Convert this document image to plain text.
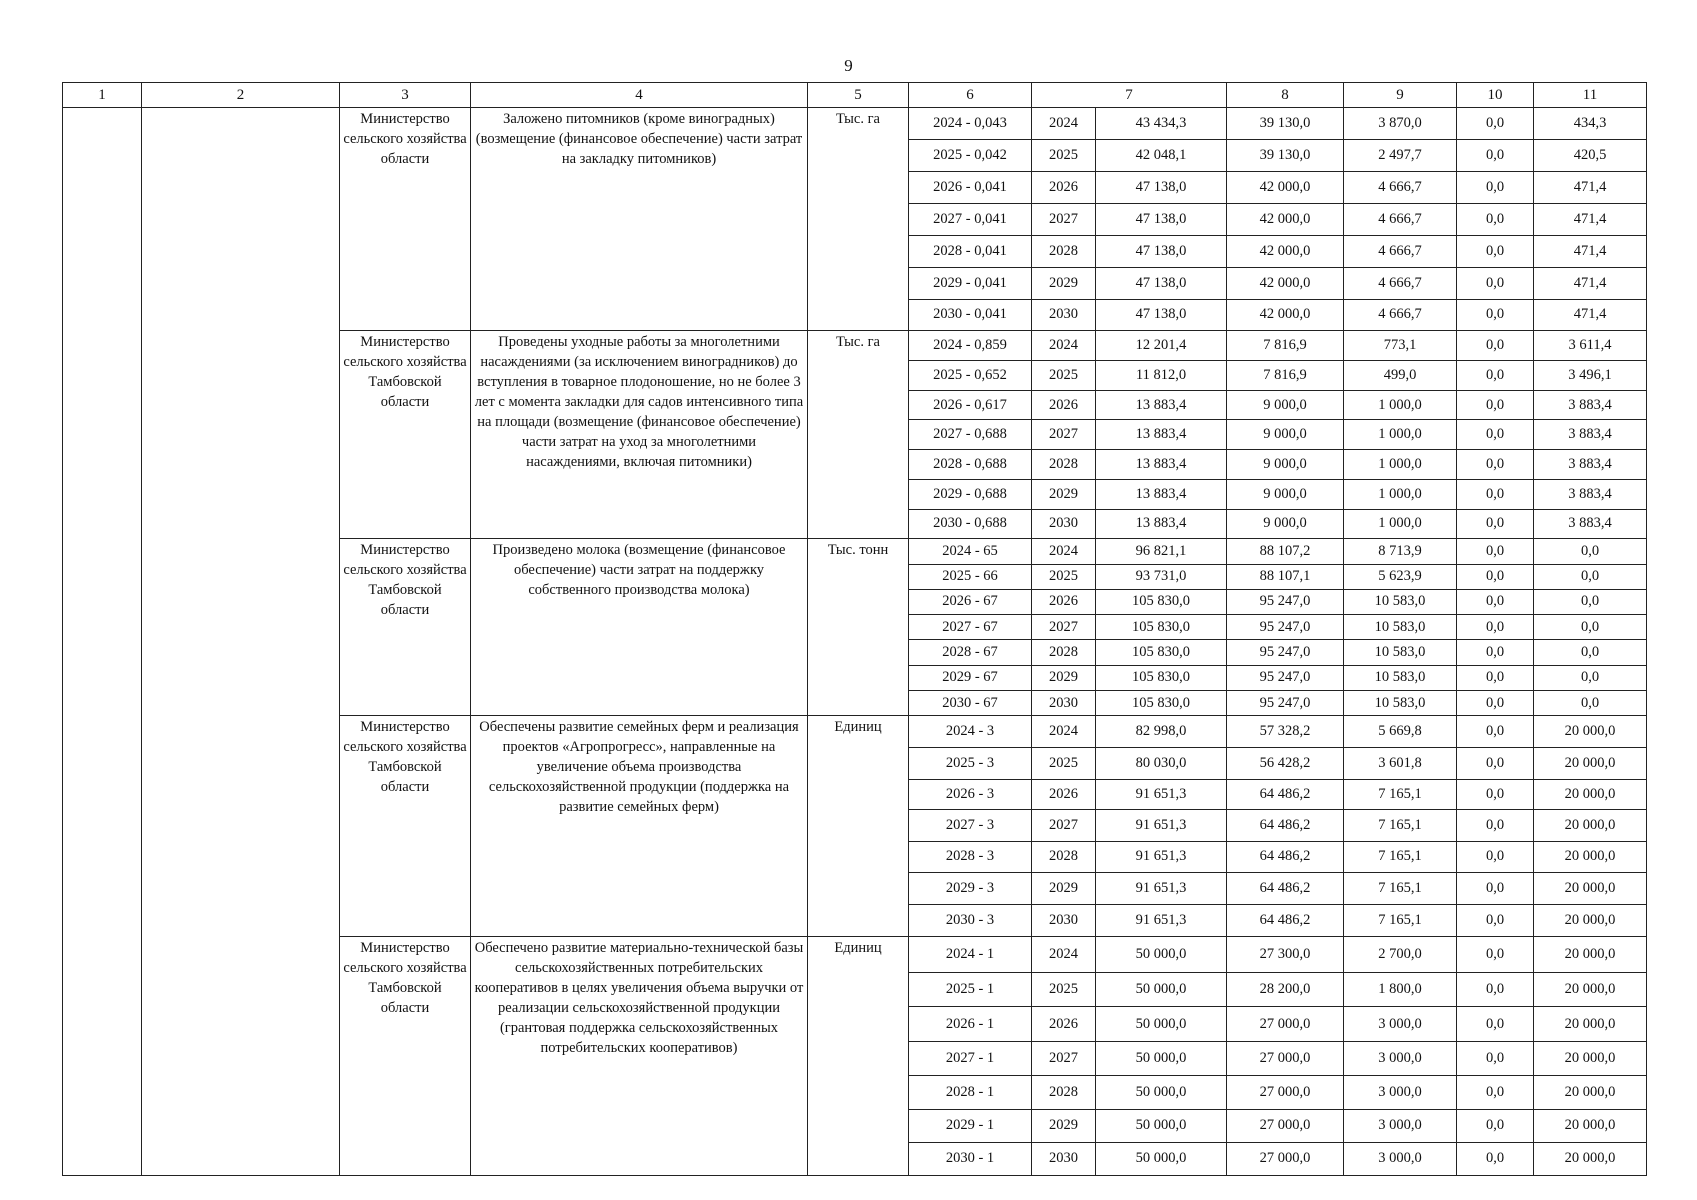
9
1	2	3	4	5	6	7		8	9	10	11
		Министерство сельского хозяйства области	Заложено питомников (кроме виноградных) (возмещение (финансовое обеспечение) части затрат на закладку питомников)	Тыс. га	2024 - 0,043	2024	43 434,3	39 130,0	3 870,0	0,0	434,3
					2025 - 0,042	2025	42 048,1	39 130,0	2 497,7	0,0	420,5
					2026 - 0,041	2026	47 138,0	42 000,0	4 666,7	0,0	471,4
					2027 - 0,041	2027	47 138,0	42 000,0	4 666,7	0,0	471,4
					2028 - 0,041	2028	47 138,0	42 000,0	4 666,7	0,0	471,4
					2029 - 0,041	2029	47 138,0	42 000,0	4 666,7	0,0	471,4
					2030 - 0,041	2030	47 138,0	42 000,0	4 666,7	0,0	471,4
		Министерство сельского хозяйства Тамбовской области	Проведены уходные работы за многолетними насаждениями (за исключением виноградников) до вступления в товарное плодоношение, но не более 3 лет с момента закладки для садов интенсивного типа на площади (возмещение (финансовое обеспечение) части затрат на уход за многолетними насаждениями, включая питомники)	Тыс. га	2024 - 0,859	2024	12 201,4	7 816,9	773,1	0,0	3 611,4
					2025 - 0,652	2025	11 812,0	7 816,9	499,0	0,0	3 496,1
					2026 - 0,617	2026	13 883,4	9 000,0	1 000,0	0,0	3 883,4
					2027 - 0,688	2027	13 883,4	9 000,0	1 000,0	0,0	3 883,4
					2028 - 0,688	2028	13 883,4	9 000,0	1 000,0	0,0	3 883,4
					2029 - 0,688	2029	13 883,4	9 000,0	1 000,0	0,0	3 883,4
					2030 - 0,688	2030	13 883,4	9 000,0	1 000,0	0,0	3 883,4
		Министерство сельского хозяйства Тамбовской области	Произведено молока (возмещение (финансовое обеспечение) части затрат на поддержку собственного производства молока)	Тыс. тонн	2024 - 65	2024	96 821,1	88 107,2	8 713,9	0,0	0,0
					2025 - 66	2025	93 731,0	88 107,1	5 623,9	0,0	0,0
					2026 - 67	2026	105 830,0	95 247,0	10 583,0	0,0	0,0
					2027 - 67	2027	105 830,0	95 247,0	10 583,0	0,0	0,0
					2028 - 67	2028	105 830,0	95 247,0	10 583,0	0,0	0,0
					2029 - 67	2029	105 830,0	95 247,0	10 583,0	0,0	0,0
					2030 - 67	2030	105 830,0	95 247,0	10 583,0	0,0	0,0
		Министерство сельского хозяйства Тамбовской области	Обеспечены развитие семейных ферм и реализация проектов «Агропрогресс», направленные на увеличение объема производства сельскохозяйственной продукции (поддержка на развитие семейных ферм)	Единиц	2024 - 3	2024	82 998,0	57 328,2	5 669,8	0,0	20 000,0
					2025 - 3	2025	80 030,0	56 428,2	3 601,8	0,0	20 000,0
					2026 - 3	2026	91 651,3	64 486,2	7 165,1	0,0	20 000,0
					2027 - 3	2027	91 651,3	64 486,2	7 165,1	0,0	20 000,0
					2028 - 3	2028	91 651,3	64 486,2	7 165,1	0,0	20 000,0
					2029 - 3	2029	91 651,3	64 486,2	7 165,1	0,0	20 000,0
					2030 - 3	2030	91 651,3	64 486,2	7 165,1	0,0	20 000,0
		Министерство сельского хозяйства Тамбовской области	Обеспечено развитие материально-технической базы сельскохозяйственных потребительских кооперативов в целях увеличения объема выручки от реализации сельскохозяйственной продукции (грантовая поддержка сельскохозяйственных потребительских кооперативов)	Единиц	2024 - 1	2024	50 000,0	27 300,0	2 700,0	0,0	20 000,0
					2025 - 1	2025	50 000,0	28 200,0	1 800,0	0,0	20 000,0
					2026 - 1	2026	50 000,0	27 000,0	3 000,0	0,0	20 000,0
					2027 - 1	2027	50 000,0	27 000,0	3 000,0	0,0	20 000,0
					2028 - 1	2028	50 000,0	27 000,0	3 000,0	0,0	20 000,0
					2029 - 1	2029	50 000,0	27 000,0	3 000,0	0,0	20 000,0
					2030 - 1	2030	50 000,0	27 000,0	3 000,0	0,0	20 000,0
